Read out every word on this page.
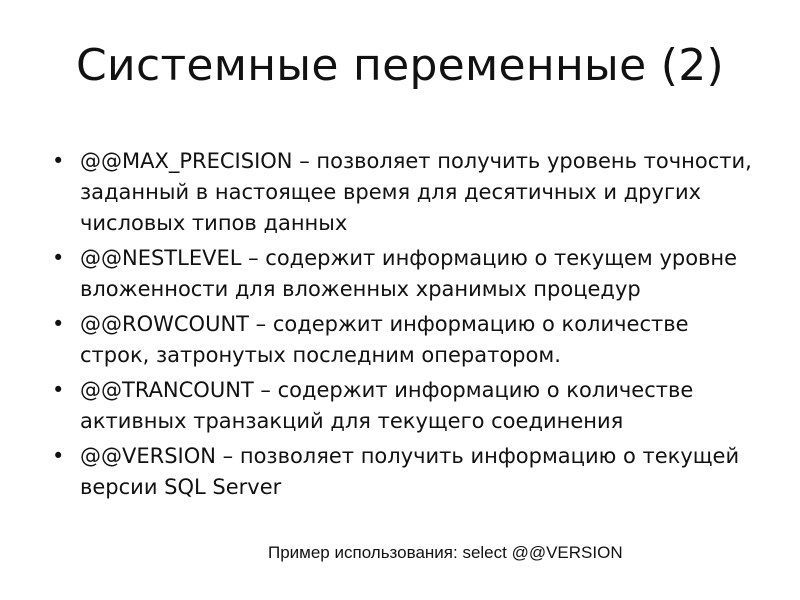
Системные переменные (2)
• @@MAX_PRECISION – позволяет получить уровень точности, заданный в настоящее время для десятичных и других числовых типов данных
• @@NESTLEVEL – содержит информацию о текущем уровне вложенности для вложенных хранимых процедур
• @@ROWCOUNT – содержит информацию о количестве строк, затронутых последним оператором.
• @@TRANCOUNT – содержит информацию о количестве активных транзакций для текущего соединения
• @@VERSION – позволяет получить информацию о текущей версии SQL Server
Пример использования: select @@VERSION
